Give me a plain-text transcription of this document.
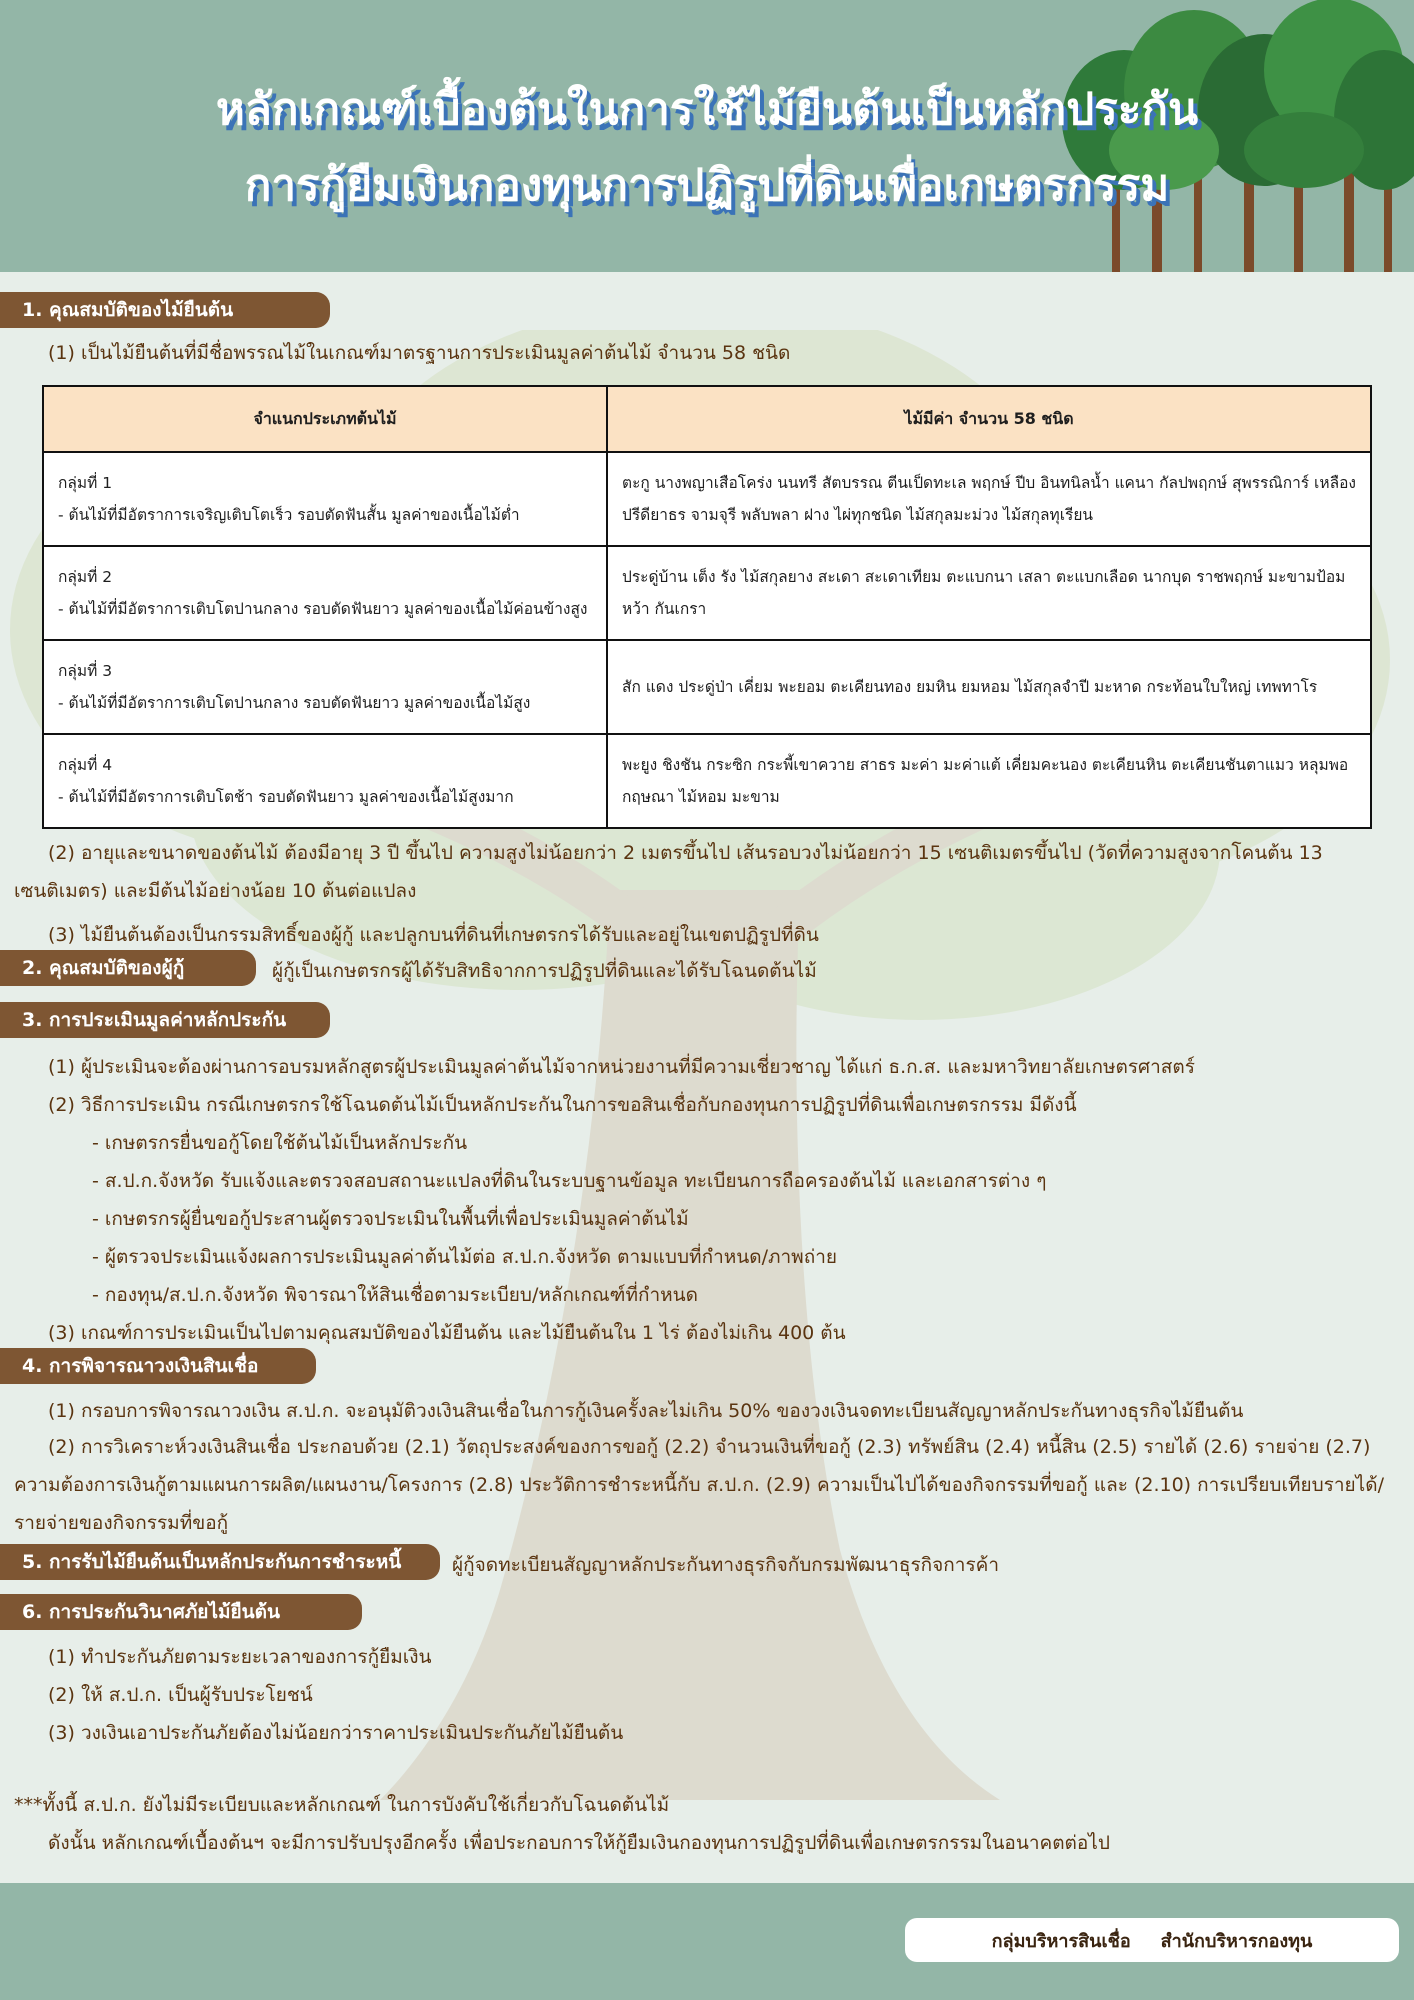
หลักเกณฑ์เบื้องต้นในการใช้ไม้ยืนต้นเป็นหลักประกัน
การกู้ยืมเงินกองทุนการปฏิรูปที่ดินเพื่อเกษตรกรรม
1. คุณสมบัติของไม้ยืนต้น
(1) เป็นไม้ยืนต้นที่มีชื่อพรรณไม้ในเกณฑ์มาตรฐานการประเมินมูลค่าต้นไม้ จำนวน 58 ชนิด
จำแนกประเภทต้นไม้	ไม้มีค่า จำนวน 58 ชนิด

กลุ่มที่ 1
- ต้นไม้ที่มีอัตราการเจริญเติบโตเร็ว รอบตัดฟันสั้น มูลค่าของเนื้อไม้ต่ำ	ตะกู นางพญาเสือโคร่ง นนทรี สัตบรรณ ตีนเป็ดทะเล พฤกษ์ ปีบ อินทนิลน้ำ แคนา กัลปพฤกษ์ สุพรรณิการ์ เหลืองปรีดียาธร จามจุรี พลับพลา ฝาง ไผ่ทุกชนิด ไม้สกุลมะม่วง ไม้สกุลทุเรียน

กลุ่มที่ 2
- ต้นไม้ที่มีอัตราการเติบโตปานกลาง รอบตัดฟันยาว มูลค่าของเนื้อไม้ค่อนข้างสูง	ประดู่บ้าน เต็ง รัง ไม้สกุลยาง สะเดา สะเดาเทียม ตะแบกนา เสลา ตะแบกเลือด นากบุด ราชพฤกษ์ มะขามป้อม หว้า กันเกรา

กลุ่มที่ 3
- ต้นไม้ที่มีอัตราการเติบโตปานกลาง รอบตัดฟันยาว มูลค่าของเนื้อไม้สูง	สัก แดง ประดู่ป่า เคี่ยม พะยอม ตะเคียนทอง ยมหิน ยมหอม ไม้สกุลจำปี มะหาด กระท้อนใบใหญ่ เทพทาโร

กลุ่มที่ 4
- ต้นไม้ที่มีอัตราการเติบโตช้า รอบตัดฟันยาว มูลค่าของเนื้อไม้สูงมาก	พะยูง ชิงชัน กระซิก กระพี้เขาควาย สาธร มะค่า มะค่าแต้ เคี่ยมคะนอง ตะเคียนหิน ตะเคียนชันตาแมว หลุมพอ กฤษณา ไม้หอม มะขาม
(2) อายุและขนาดของต้นไม้ ต้องมีอายุ 3 ปี ขึ้นไป ความสูงไม่น้อยกว่า 2 เมตรขึ้นไป เส้นรอบวงไม่น้อยกว่า 15 เซนติเมตรขึ้นไป (วัดที่ความสูงจากโคนต้น 13 เซนติเมตร) และมีต้นไม้อย่างน้อย 10 ต้นต่อแปลง
(3) ไม้ยืนต้นต้องเป็นกรรมสิทธิ์ของผู้กู้ และปลูกบนที่ดินที่เกษตรกรได้รับและอยู่ในเขตปฏิรูปที่ดิน
2. คุณสมบัติของผู้กู้	ผู้กู้เป็นเกษตรกรผู้ได้รับสิทธิจากการปฏิรูปที่ดินและได้รับโฉนดต้นไม้
3. การประเมินมูลค่าหลักประกัน
(1) ผู้ประเมินจะต้องผ่านการอบรมหลักสูตรผู้ประเมินมูลค่าต้นไม้จากหน่วยงานที่มีความเชี่ยวชาญ ได้แก่ ธ.ก.ส. และมหาวิทยาลัยเกษตรศาสตร์
(2) วิธีการประเมิน กรณีเกษตรกรใช้โฉนดต้นไม้เป็นหลักประกันในการขอสินเชื่อกับกองทุนการปฏิรูปที่ดินเพื่อเกษตรกรรม มีดังนี้
- เกษตรกรยื่นขอกู้โดยใช้ต้นไม้เป็นหลักประกัน
- ส.ป.ก.จังหวัด รับแจ้งและตรวจสอบสถานะแปลงที่ดินในระบบฐานข้อมูล ทะเบียนการถือครองต้นไม้ และเอกสารต่าง ๆ
- เกษตรกรผู้ยื่นขอกู้ประสานผู้ตรวจประเมินในพื้นที่เพื่อประเมินมูลค่าต้นไม้
- ผู้ตรวจประเมินแจ้งผลการประเมินมูลค่าต้นไม้ต่อ ส.ป.ก.จังหวัด ตามแบบที่กำหนด/ภาพถ่าย
- กองทุน/ส.ป.ก.จังหวัด พิจารณาให้สินเชื่อตามระเบียบ/หลักเกณฑ์ที่กำหนด
(3) เกณฑ์การประเมินเป็นไปตามคุณสมบัติของไม้ยืนต้น และไม้ยืนต้นใน 1 ไร่ ต้องไม่เกิน 400 ต้น
4. การพิจารณาวงเงินสินเชื่อ
(1) กรอบการพิจารณาวงเงิน ส.ป.ก. จะอนุมัติวงเงินสินเชื่อในการกู้เงินครั้งละไม่เกิน 50% ของวงเงินจดทะเบียนสัญญาหลักประกันทางธุรกิจไม้ยืนต้น
(2) การวิเคราะห์วงเงินสินเชื่อ ประกอบด้วย (2.1) วัตถุประสงค์ของการขอกู้ (2.2) จำนวนเงินที่ขอกู้ (2.3) ทรัพย์สิน (2.4) หนี้สิน (2.5) รายได้ (2.6) รายจ่าย (2.7) ความต้องการเงินกู้ตามแผนการผลิต/แผนงาน/โครงการ (2.8) ประวัติการชำระหนี้กับ ส.ป.ก. (2.9) ความเป็นไปได้ของกิจกรรมที่ขอกู้ และ (2.10) การเปรียบเทียบรายได้/รายจ่ายของกิจกรรมที่ขอกู้
5. การรับไม้ยืนต้นเป็นหลักประกันการชำระหนี้	ผู้กู้จดทะเบียนสัญญาหลักประกันทางธุรกิจกับกรมพัฒนาธุรกิจการค้า
6. การประกันวินาศภัยไม้ยืนต้น
(1) ทำประกันภัยตามระยะเวลาของการกู้ยืมเงิน
(2) ให้ ส.ป.ก. เป็นผู้รับประโยชน์
(3) วงเงินเอาประกันภัยต้องไม่น้อยกว่าราคาประเมินประกันภัยไม้ยืนต้น
***ทั้งนี้ ส.ป.ก. ยังไม่มีระเบียบและหลักเกณฑ์ ในการบังคับใช้เกี่ยวกับโฉนดต้นไม้
ดังนั้น หลักเกณฑ์เบื้องต้นฯ จะมีการปรับปรุงอีกครั้ง เพื่อประกอบการให้กู้ยืมเงินกองทุนการปฏิรูปที่ดินเพื่อเกษตรกรรมในอนาคตต่อไป
กลุ่มบริหารสินเชื่อ สำนักบริหารกองทุน
